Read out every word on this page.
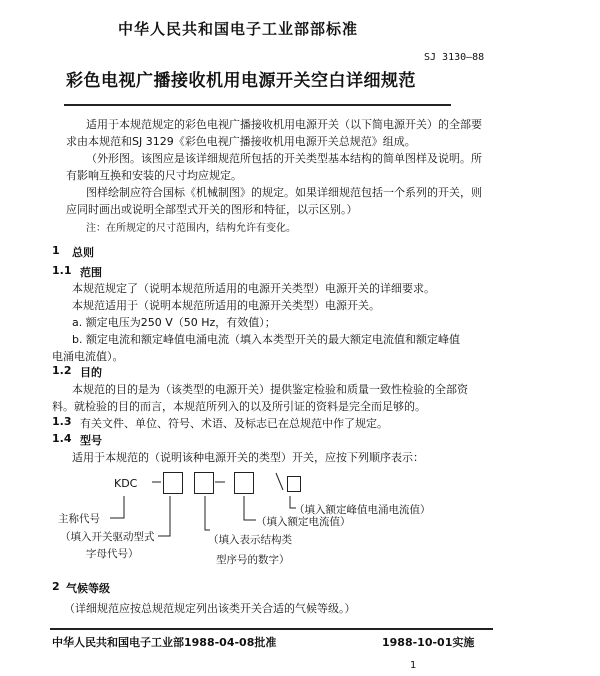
中华人民共和国电子工业部部标准
SJ 3130—88
彩色电视广播接收机用电源开关空白详细规范
适用于本规范规定的彩色电视广播接收机用电源开关（以下简电源开关）的全部要
求由本规范和SJ 3129《彩色电视广播接收机用电源开关总规范》组成。
（外形图。该图应是该详细规范所包括的开关类型基本结构的简单图样及说明。所
有影响互换和安装的尺寸均应规定。
图样绘制应符合国标《机械制图》的规定。如果详细规范包括一个系列的开关，则
应同时画出或说明全部型式开关的图形和特征，以示区别。）
注：在所规定的尺寸范围内，结构允许有变化。
1 总则
1.1 范围
本规范规定了（说明本规范所适用的电源开关类型）电源开关的详细要求。
本规范适用于（说明本规范所适用的电源开关类型）电源开关。
a. 额定电压为250 V（50 Hz，有效值）；
b. 额定电流和额定峰值电涌电流（填入本类型开关的最大额定电流值和额定峰值
电涌电流值）。
1.2 目的
本规范的目的是为（该类型的电源开关）提供鉴定检验和质量一致性检验的全部资
料。就检验的目的而言，本规范所列入的以及所引证的资料是完全而足够的。
1.3 有关文件、单位、符号、术语、及标志已在总规范中作了规定。
1.4 型号
适用于本规范的（说明该种电源开关的类型）开关，应按下列顺序表示：
KDC
主称代号
（填入开关驱动型式
字母代号）
（填入表示结构类
型序号的数字）
（填入额定电流值）
（填入额定峰值电涌电流值）
2 气候等级
（详细规范应按总规范规定列出该类开关合适的气候等级。）
中华人民共和国电子工业部1988-04-08批准	1988-10-01实施
1
